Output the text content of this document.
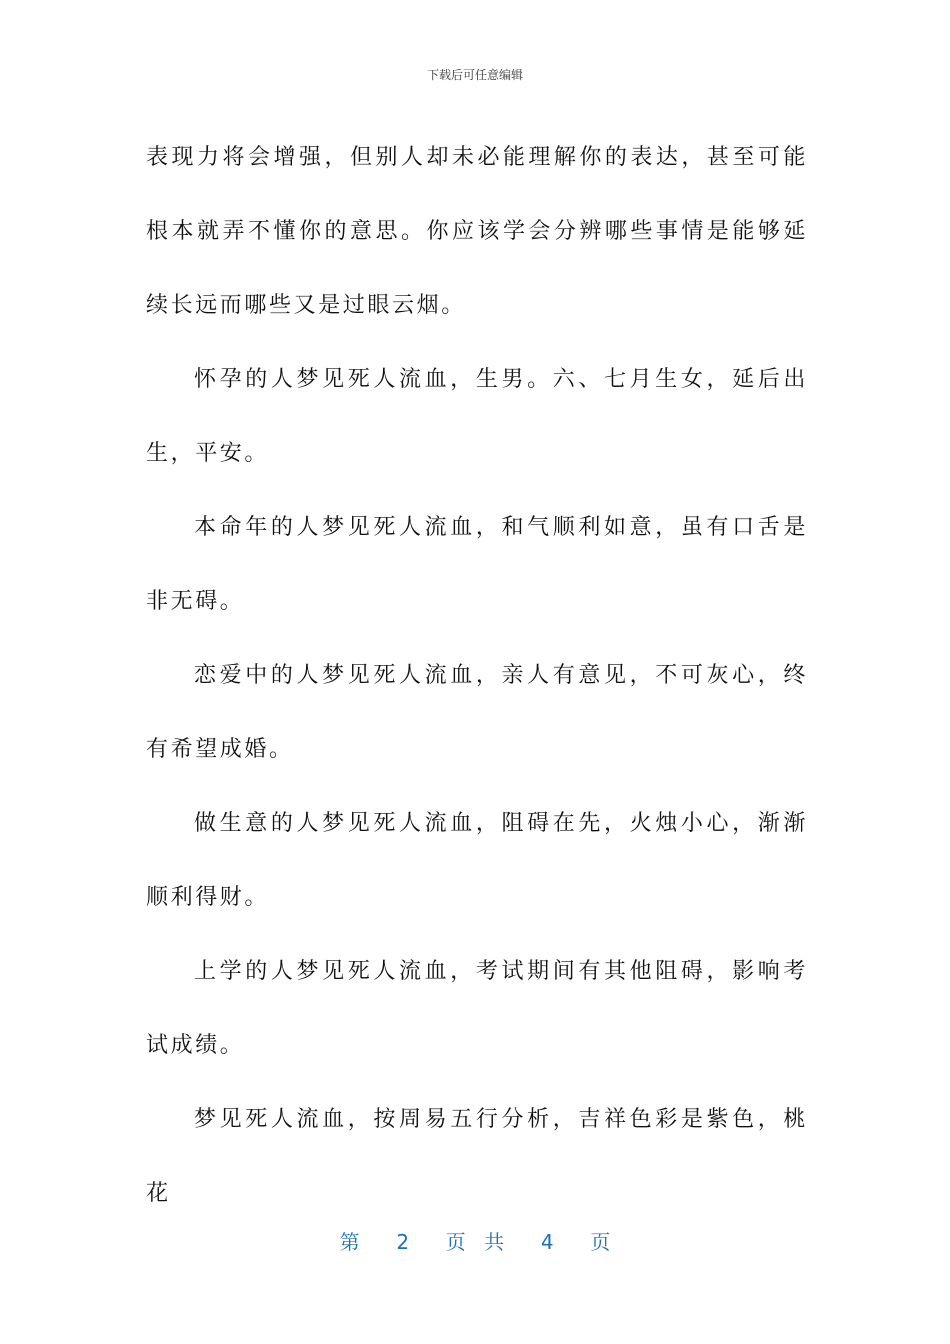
下载后可任意编辑

表现力将会增强，但别人却未必能理解你的表达，甚至可能根本就弄不懂你的意思。你应该学会分辨哪些事情是能够延续长远而哪些又是过眼云烟。

怀孕的人梦见死人流血，生男。六、七月生女，延后出生，平安。

本命年的人梦见死人流血，和气顺利如意，虽有口舌是非无碍。

恋爱中的人梦见死人流血，亲人有意见，不可灰心，终有希望成婚。

做生意的人梦见死人流血，阻碍在先，火烛小心，渐渐顺利得财。

上学的人梦见死人流血，考试期间有其他阻碍，影响考试成绩。

梦见死人流血，按周易五行分析，吉祥色彩是紫色，桃花

第  2  页 共  4  页
